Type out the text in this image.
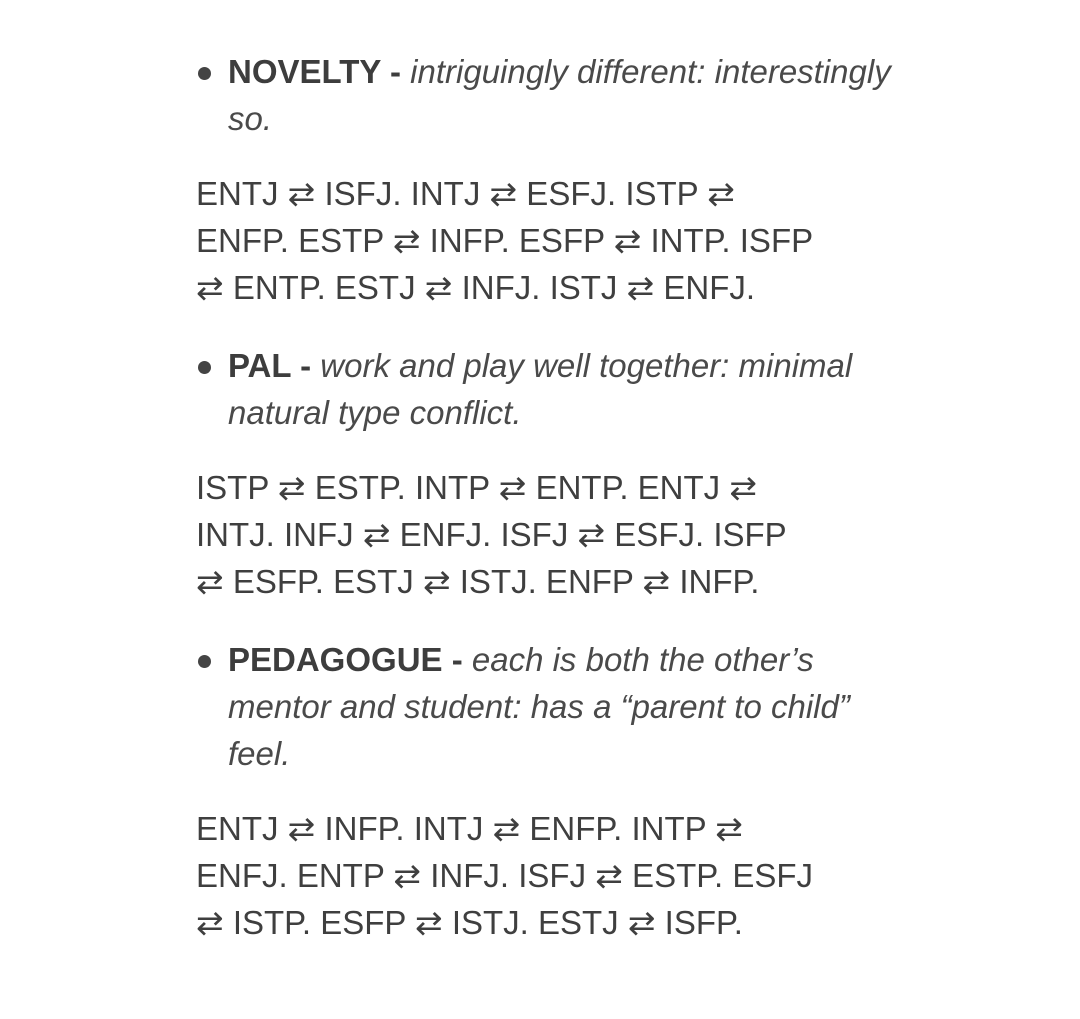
NOVELTY - intriguingly different: interestingly so.
ENTJ ⇄ ISFJ. INTJ ⇄ ESFJ. ISTP ⇄
ENFP. ESTP ⇄ INFP. ESFP ⇄ INTP. ISFP
⇄ ENTP. ESTJ ⇄ INFJ. ISTJ ⇄ ENFJ.
PAL - work and play well together: minimal natural type conflict.
ISTP ⇄ ESTP. INTP ⇄ ENTP. ENTJ ⇄
INTJ. INFJ ⇄ ENFJ. ISFJ ⇄ ESFJ. ISFP
⇄ ESFP. ESTJ ⇄ ISTJ. ENFP ⇄ INFP.
PEDAGOGUE - each is both the other’s mentor and student: has a “parent to child” feel.
ENTJ ⇄ INFP. INTJ ⇄ ENFP. INTP ⇄
ENFJ. ENTP ⇄ INFJ. ISFJ ⇄ ESTP. ESFJ
⇄ ISTP. ESFP ⇄ ISTJ. ESTJ ⇄ ISFP.
